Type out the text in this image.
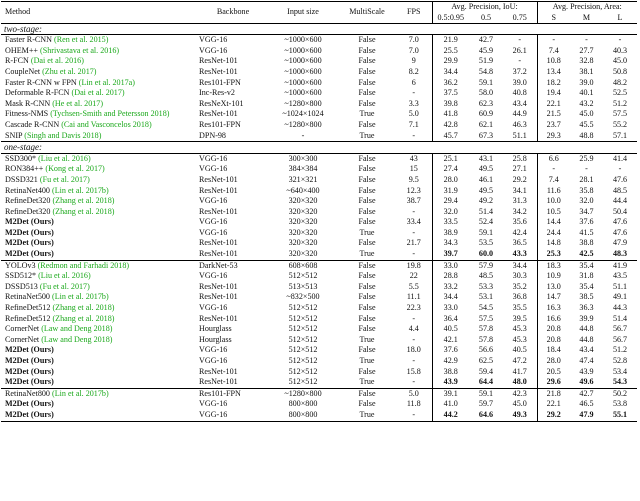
Method	Backbone	Input size	MultiScale	FPS	Avg. Precision, IoU:			Avg. Precision, Area:		
					0.5:0.95	0.5	0.75	S	M	L
two-stage:										
Faster R-CNN (Ren et al. 2015)	VGG-16	~1000×600	False	7.0	21.9	42.7	-	-	-	-
OHEM++ (Shrivastava et al. 2016)	VGG-16	~1000×600	False	7.0	25.5	45.9	26.1	7.4	27.7	40.3
R-FCN (Dai et al. 2016)	ResNet-101	~1000×600	False	9	29.9	51.9	-	10.8	32.8	45.0
CoupleNet (Zhu et al. 2017)	ResNet-101	~1000×600	False	8.2	34.4	54.8	37.2	13.4	38.1	50.8
Faster R-CNN w FPN (Lin et al. 2017a)	Res101-FPN	~1000×600	False	6	36.2	59.1	39.0	18.2	39.0	48.2
Deformable R-FCN (Dai et al. 2017)	Inc-Res-v2	~1000×600	False	-	37.5	58.0	40.8	19.4	40.1	52.5
Mask R-CNN (He et al. 2017)	ResNeXt-101	~1280×800	False	3.3	39.8	62.3	43.4	22.1	43.2	51.2
Fitness-NMS (Tychsen-Smith and Petersson 2018)	ResNet-101	~1024×1024	True	5.0	41.8	60.9	44.9	21.5	45.0	57.5
Cascade R-CNN (Cai and Vasconcelos 2018)	Res101-FPN	~1280×800	False	7.1	42.8	62.1	46.3	23.7	45.5	55.2
SNIP (Singh and Davis 2018)	DPN-98	-	True	-	45.7	67.3	51.1	29.3	48.8	57.1
one-stage:										
SSD300* (Liu et al. 2016)	VGG-16	300×300	False	43	25.1	43.1	25.8	6.6	25.9	41.4
RON384++ (Kong et al. 2017)	VGG-16	384×384	False	15	27.4	49.5	27.1	-	-	-
DSSD321 (Fu et al. 2017)	ResNet-101	321×321	False	9.5	28.0	46.1	29.2	7.4	28.1	47.6
RetinaNet400 (Lin et al. 2017b)	ResNet-101	~640×400	False	12.3	31.9	49.5	34.1	11.6	35.8	48.5
RefineDet320 (Zhang et al. 2018)	VGG-16	320×320	False	38.7	29.4	49.2	31.3	10.0	32.0	44.4
RefineDet320 (Zhang et al. 2018)	ResNet-101	320×320	False	-	32.0	51.4	34.2	10.5	34.7	50.4
M2Det (Ours)	VGG-16	320×320	False	33.4	33.5	52.4	35.6	14.4	37.6	47.6
M2Det (Ours)	VGG-16	320×320	True	-	38.9	59.1	42.4	24.4	41.5	47.6
M2Det (Ours)	ResNet-101	320×320	False	21.7	34.3	53.5	36.5	14.8	38.8	47.9
M2Det (Ours)	ResNet-101	320×320	True	-	39.7	60.0	43.3	25.3	42.5	48.3
YOLOv3 (Redmon and Farhadi 2018)	DarkNet-53	608×608	False	19.8	33.0	57.9	34.4	18.3	35.4	41.9
SSD512* (Liu et al. 2016)	VGG-16	512×512	False	22	28.8	48.5	30.3	10.9	31.8	43.5
DSSD513 (Fu et al. 2017)	ResNet-101	513×513	False	5.5	33.2	53.3	35.2	13.0	35.4	51.1
RetinaNet500 (Lin et al. 2017b)	ResNet-101	~832×500	False	11.1	34.4	53.1	36.8	14.7	38.5	49.1
RefineDet512 (Zhang et al. 2018)	VGG-16	512×512	False	22.3	33.0	54.5	35.5	16.3	36.3	44.3
RefineDet512 (Zhang et al. 2018)	ResNet-101	512×512	False	-	36.4	57.5	39.5	16.6	39.9	51.4
CornerNet (Law and Deng 2018)	Hourglass	512×512	False	4.4	40.5	57.8	45.3	20.8	44.8	56.7
CornerNet (Law and Deng 2018)	Hourglass	512×512	True	-	42.1	57.8	45.3	20.8	44.8	56.7
M2Det (Ours)	VGG-16	512×512	False	18.0	37.6	56.6	40.5	18.4	43.4	51.2
M2Det (Ours)	VGG-16	512×512	True	-	42.9	62.5	47.2	28.0	47.4	52.8
M2Det (Ours)	ResNet-101	512×512	False	15.8	38.8	59.4	41.7	20.5	43.9	53.4
M2Det (Ours)	ResNet-101	512×512	True	-	43.9	64.4	48.0	29.6	49.6	54.3
RetinaNet800 (Lin et al. 2017b)	Res101-FPN	~1280×800	False	5.0	39.1	59.1	42.3	21.8	42.7	50.2
M2Det (Ours)	VGG-16	800×800	False	11.8	41.0	59.7	45.0	22.1	46.5	53.8
M2Det (Ours)	VGG-16	800×800	True	-	44.2	64.6	49.3	29.2	47.9	55.1
